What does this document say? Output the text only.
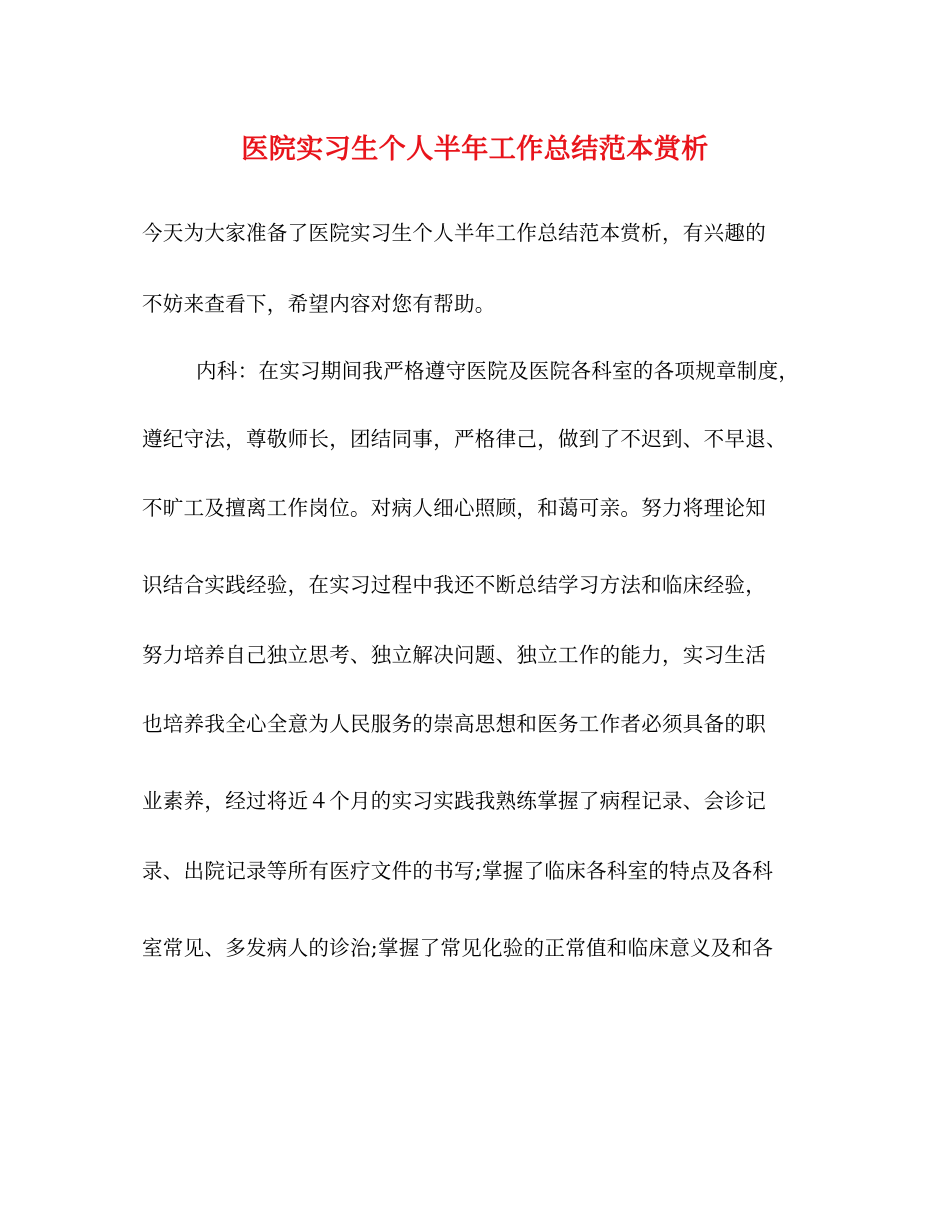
医院实习生个人半年工作总结范本赏析
今天为大家准备了医院实习生个人半年工作总结范本赏析，有兴趣的
不妨来查看下，希望内容对您有帮助。
内科：在实习期间我严格遵守医院及医院各科室的各项规章制度，
遵纪守法，尊敬师长，团结同事，严格律己，做到了不迟到、不早退、
不旷工及擅离工作岗位。对病人细心照顾，和蔼可亲。努力将理论知
识结合实践经验，在实习过程中我还不断总结学习方法和临床经验，
努力培养自己独立思考、独立解决问题、独立工作的能力，实习生活
也培养我全心全意为人民服务的崇高思想和医务工作者必须具备的职
业素养，经过将近４个月的实习实践我熟练掌握了病程记录、会诊记
录、出院记录等所有医疗文件的书写;掌握了临床各科室的特点及各科
室常见、多发病人的诊治;掌握了常见化验的正常值和临床意义及和各
